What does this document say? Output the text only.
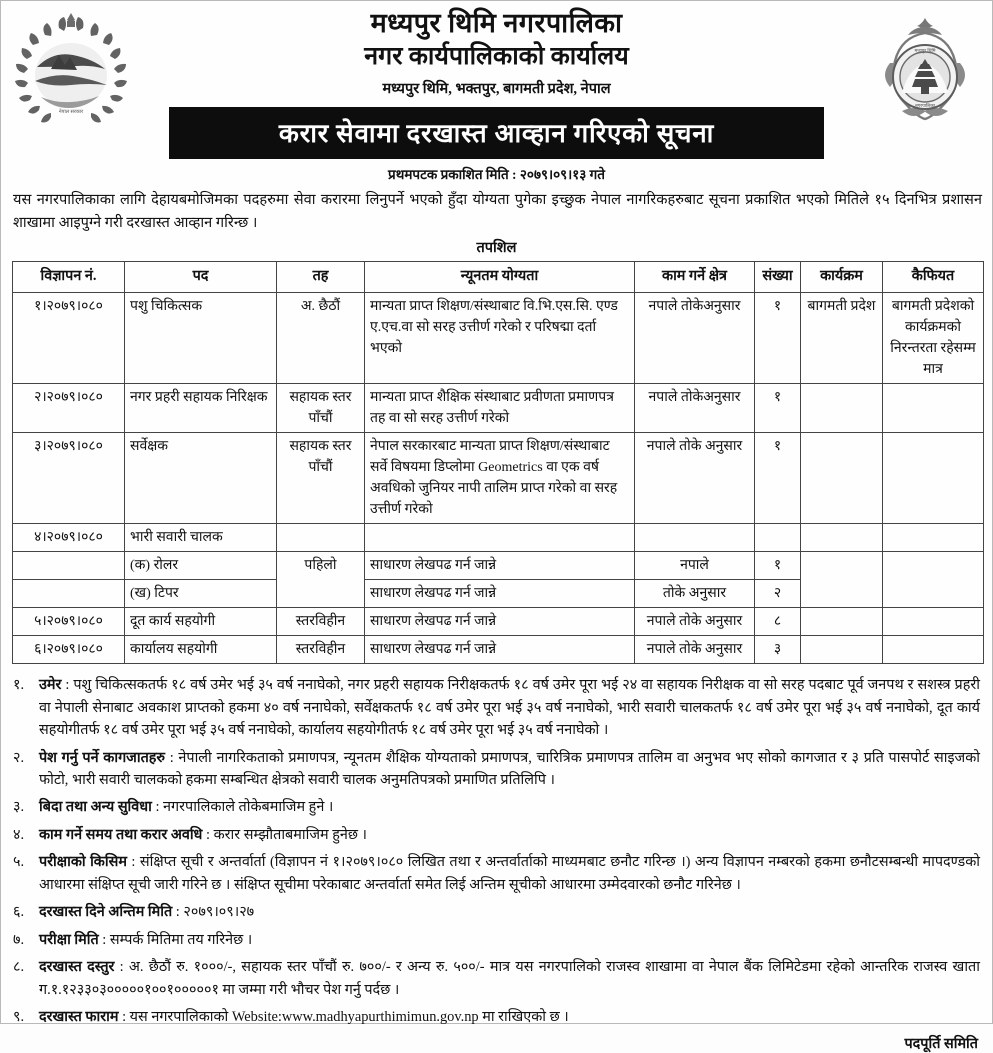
नेपाल सरकार
मध्यपुर थिमि
नगरपालिका
मध्यपुर थिमि नगरपालिका
नगर कार्यपालिकाको कार्यालय
मध्यपुर थिमि, भक्तपुर, बागमती प्रदेश, नेपाल
करार सेवामा दरखास्त आव्हान गरिएको सूचना
प्रथमपटक प्रकाशित मिति : २०७९।०९।१३ गते
यस नगरपालिकाका लागि देहायबमोजिमका पदहरुमा सेवा करारमा लिनुपर्ने भएको हुँदा योग्यता पुगेका इच्छुक नेपाल नागरिकहरुबाट सूचना प्रकाशित भएको मितिले १५ दिनभित्र प्रशासन शाखामा आइपुग्ने गरी दरखास्त आव्हान गरिन्छ ।
तपशिल
विज्ञापन नं.	पद	तह	न्यूनतम योग्यता	काम गर्ने क्षेत्र	संख्या	कार्यक्रम	कैफियत
१।२०७९।०८०	पशु चिकित्सक	अ. छैठौं	मान्यता प्राप्त शिक्षण/संस्थाबाट वि.भि.एस.सि. एण्ड ए.एच.वा सो सरह उत्तीर्ण गरेको र परिषद्मा दर्ता भएको	नपाले तोकेअनुसार	१	बागमती प्रदेश	बागमती प्रदेशको कार्यक्रमको निरन्तरता रहेसम्म मात्र
२।२०७९।०८०	नगर प्रहरी सहायक निरिक्षक	सहायक स्तर पाँचौं	मान्यता प्राप्त शैक्षिक संस्थाबाट प्रवीणता प्रमाणपत्र तह वा सो सरह उत्तीर्ण गरेको	नपाले तोकेअनुसार	१		
३।२०७९।०८०	सर्वेक्षक	सहायक स्तर पाँचौं	नेपाल सरकारबाट मान्यता प्राप्त शिक्षण/संस्थाबाट सर्वे विषयमा डिप्लोमा Geometrics वा एक वर्ष अवधिको जुनियर नापी तालिम प्राप्त गरेको वा सरह उत्तीर्ण गरेको	नपाले तोके अनुसार	१		
४।२०७९।०८०	भारी सवारी चालक						
	(क) रोलर	पहिलो	साधारण लेखपढ गर्न जान्ने	नपाले	१		
	(ख) टिपर		साधारण लेखपढ गर्न जान्ने	तोके अनुसार	२		
५।२०७९।०८०	दूत कार्य सहयोगी	स्तरविहीन	साधारण लेखपढ गर्न जान्ने	नपाले तोके अनुसार	८		
६।२०७९।०८०	कार्यालय सहयोगी	स्तरविहीन	साधारण लेखपढ गर्न जान्ने	नपाले तोके अनुसार	३		
१.	उमेर : पशु चिकित्सकतर्फ १८ वर्ष उमेर भई ३५ वर्ष ननाघेको, नगर प्रहरी सहायक निरीक्षकतर्फ १८ वर्ष उमेर पूरा भई २४ वा सहायक निरीक्षक वा सो सरह पदबाट पूर्व जनपथ र सशस्त्र प्रहरी वा नेपाली सेनाबाट अवकाश प्राप्तको हकमा ४० वर्ष ननाघेको, सर्वेक्षकतर्फ १८ वर्ष उमेर पूरा भई ३५ वर्ष ननाघेको, भारी सवारी चालकतर्फ १८ वर्ष उमेर पूरा भई ३५ वर्ष ननाघेको, दूत कार्य सहयोगीतर्फ १८ वर्ष उमेर पूरा भई ३५ वर्ष ननाघेको, कार्यालय सहयोगीतर्फ १८ वर्ष उमेर पूरा भई ३५ वर्ष ननाघेको ।
२.	पेश गर्नु पर्ने कागजातहरु : नेपाली नागरिकताको प्रमाणपत्र, न्यूनतम शैक्षिक योग्यताको प्रमाणपत्र, चारित्रिक प्रमाणपत्र तालिम वा अनुभव भए सोको कागजात र ३ प्रति पासपोर्ट साइजको फोटो, भारी सवारी चालकको हकमा सम्बन्धित क्षेत्रको सवारी चालक अनुमतिपत्रको प्रमाणित प्रतिलिपि ।
३.	बिदा तथा अन्य सुविधा : नगरपालिकाले तोकेबमाजिम हुने ।
४.	काम गर्ने समय तथा करार अवधि : करार सम्झौताबमाजिम हुनेछ ।
५.	परीक्षाको किसिम : संक्षिप्त सूची र अन्तर्वार्ता (विज्ञापन नं १।२०७९।०८० लिखित तथा र अन्तर्वार्ताको माध्यमबाट छनौट गरिन्छ ।) अन्य विज्ञापन नम्बरको हकमा छनौटसम्बन्धी मापदण्डको आधारमा संक्षिप्त सूची जारी गरिने छ । संक्षिप्त सूचीमा परेकाबाट अन्तर्वार्ता समेत लिई अन्तिम सूचीको आधारमा उम्मेदवारको छनौट गरिनेछ ।
६.	दरखास्त दिने अन्तिम मिति : २०७९।०९।२७
७.	परीक्षा मिति : सम्पर्क मितिमा तय गरिनेछ ।
८.	दरखास्त दस्तुर : अ. छैठौं रु. १०००/-, सहायक स्तर पाँचौं रु. ७००/- र अन्य रु. ५००/- मात्र यस नगरपालिको राजस्व शाखामा वा नेपाल बैंक लिमिटेडमा रहेको आन्तरिक राजस्व खाता ग.१.१२३३०३०००००१००१०००००१ मा जम्मा गरी भौचर पेश गर्नु पर्दछ ।
९.	दरखास्त फाराम : यस नगरपालिकाको Website:www.madhyapurthimimun.gov.np मा राखिएको छ ।
पदपूर्ति समिति
